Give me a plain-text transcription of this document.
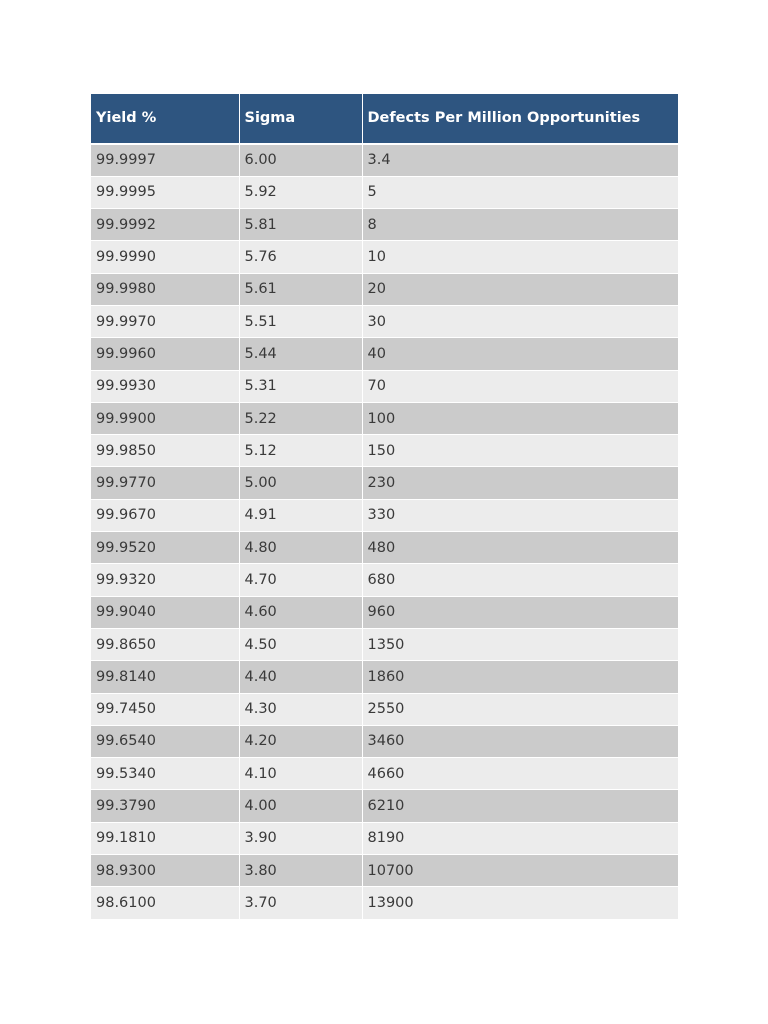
Yield %	Sigma	Defects Per Million Opportunities
99.9997	6.00	3.4
99.9995	5.92	5
99.9992	5.81	8
99.9990	5.76	10
99.9980	5.61	20
99.9970	5.51	30
99.9960	5.44	40
99.9930	5.31	70
99.9900	5.22	100
99.9850	5.12	150
99.9770	5.00	230
99.9670	4.91	330
99.9520	4.80	480
99.9320	4.70	680
99.9040	4.60	960
99.8650	4.50	1350
99.8140	4.40	1860
99.7450	4.30	2550
99.6540	4.20	3460
99.5340	4.10	4660
99.3790	4.00	6210
99.1810	3.90	8190
98.9300	3.80	10700
98.6100	3.70	13900
